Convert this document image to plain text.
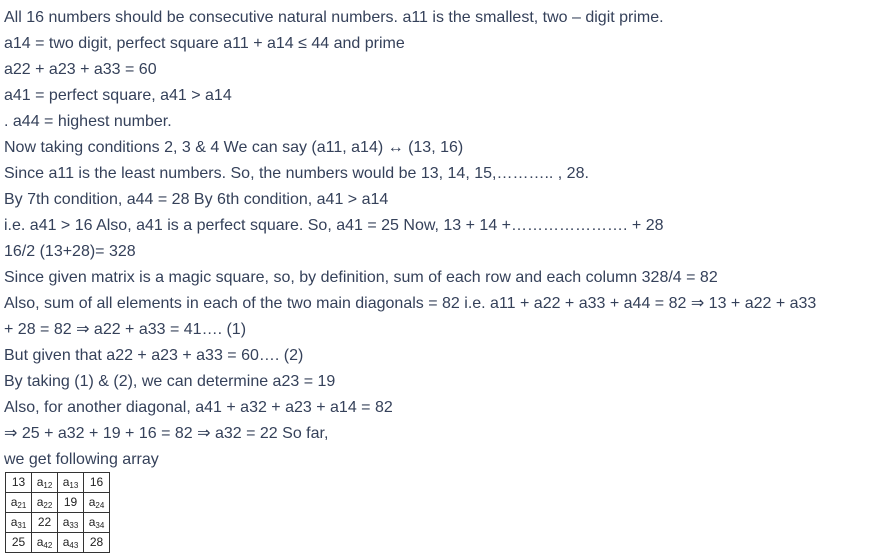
All 16 numbers should be consecutive natural numbers. a11 is the smallest, two – digit prime.
a14 = two digit, perfect square a11 + a14 ≤ 44 and prime
a22 + a23 + a33 = 60
a41 = perfect square, a41 > a14
. a44 = highest number.
Now taking conditions 2, 3 & 4 We can say (a11, a14) ↔ (13, 16)
Since a11 is the least numbers. So, the numbers would be 13, 14, 15,……….. , 28.
By 7th condition, a44 = 28 By 6th condition, a41 > a14
i.e. a41 > 16 Also, a41 is a perfect square. So, a41 = 25 Now, 13 + 14 +…………………. + 28
16/2 (13+28)= 328
Since given matrix is a magic square, so, by definition, sum of each row and each column 328/4 = 82
Also, sum of all elements in each of the two main diagonals = 82 i.e. a11 + a22 + a33 + a44 = 82 ⇒ 13 + a22 + a33
+ 28 = 82 ⇒ a22 + a33 = 41…. (1)
But given that a22 + a23 + a33 = 60…. (2)
By taking (1) & (2), we can determine a23 = 19
Also, for another diagonal, a41 + a32 + a23 + a14 = 82
⇒ 25 + a32 + 19 + 16 = 82 ⇒ a32 = 22 So far,
we get following array
13	$a_{12}$	$a_{13}$	16
$a_{21}$	$a_{22}$	19	$a_{24}$
$a_{31}$	22	$a_{33}$	$a_{34}$
25	$a_{42}$	$a_{43}$	28
